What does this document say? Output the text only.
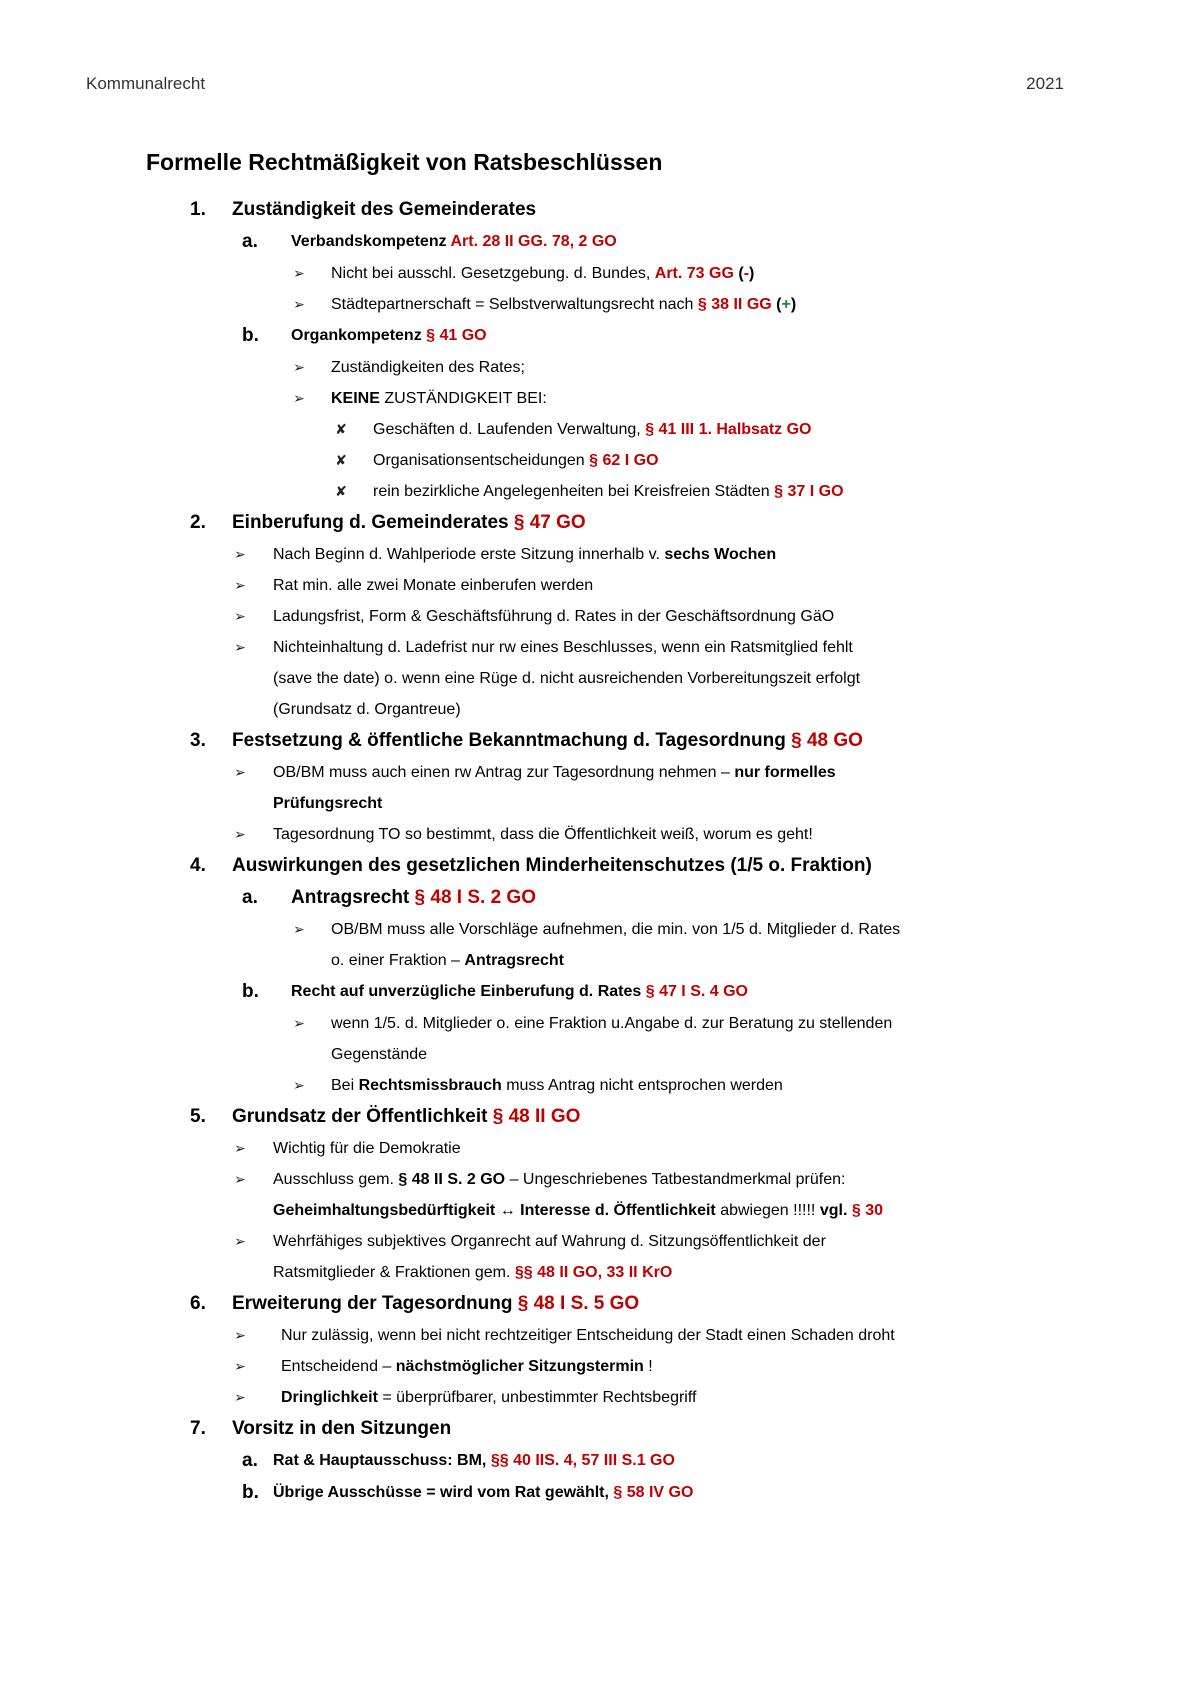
Kommunalrecht	2021
Formelle Rechtmäßigkeit von Ratsbeschlüssen
1. Zuständigkeit des Gemeinderates
a. Verbandskompetenz Art. 28 II GG. 78, 2 GO
➢ Nicht bei ausschl. Gesetzgebung. d. Bundes, Art. 73 GG (-)
➢ Städtepartnerschaft = Selbstverwaltungsrecht nach § 38 II GG (+)
b. Organkompetenz § 41 GO
➢ Zuständigkeiten des Rates;
➢ KEINE ZUSTÄNDIGKEIT BEI:
✘ Geschäften d. Laufenden Verwaltung, § 41 III 1. Halbsatz GO
✘ Organisationsentscheidungen § 62 I GO
✘ rein bezirkliche Angelegenheiten bei Kreisfreien Städten § 37 I GO
2. Einberufung d. Gemeinderates § 47 GO
➢ Nach Beginn d. Wahlperiode erste Sitzung innerhalb v. sechs Wochen
➢ Rat min. alle zwei Monate einberufen werden
➢ Ladungsfrist, Form & Geschäftsführung d. Rates in der Geschäftsordnung GäO
➢ Nichteinhaltung d. Ladefrist nur rw eines Beschlusses, wenn ein Ratsmitglied fehlt
(save the date) o. wenn eine Rüge d. nicht ausreichenden Vorbereitungszeit erfolgt
(Grundsatz d. Organtreue)
3. Festsetzung & öffentliche Bekanntmachung d. Tagesordnung § 48 GO
➢ OB/BM muss auch einen rw Antrag zur Tagesordnung nehmen – nur formelles
Prüfungsrecht
➢ Tagesordnung TO so bestimmt, dass die Öffentlichkeit weiß, worum es geht!
4. Auswirkungen des gesetzlichen Minderheitenschutzes (1/5 o. Fraktion)
a. Antragsrecht § 48 I S. 2 GO
➢ OB/BM muss alle Vorschläge aufnehmen, die min. von 1/5 d. Mitglieder d. Rates
o. einer Fraktion – Antragsrecht
b. Recht auf unverzügliche Einberufung d. Rates § 47 I S. 4 GO
➢ wenn 1/5. d. Mitglieder o. eine Fraktion u.Angabe d. zur Beratung zu stellenden
Gegenstände
➢ Bei Rechtsmissbrauch muss Antrag nicht entsprochen werden
5. Grundsatz der Öffentlichkeit § 48 II GO
➢ Wichtig für die Demokratie
➢ Ausschluss gem. § 48 II S. 2 GO – Ungeschriebenes Tatbestandmerkmal prüfen:
Geheimhaltungsbedürftigkeit ↔ Interesse d. Öffentlichkeit abwiegen !!!!! vgl. § 30
➢ Wehrfähiges subjektives Organrecht auf Wahrung d. Sitzungsöffentlichkeit der
Ratsmitglieder & Fraktionen gem. §§ 48 II GO, 33 II KrO
6. Erweiterung der Tagesordnung § 48 I S. 5 GO
➢ Nur zulässig, wenn bei nicht rechtzeitiger Entscheidung der Stadt einen Schaden droht
➢ Entscheidend – nächstmöglicher Sitzungstermin !
➢ Dringlichkeit = überprüfbarer, unbestimmter Rechtsbegriff
7. Vorsitz in den Sitzungen
a. Rat & Hauptausschuss: BM, §§ 40 IIS. 4, 57 III S.1 GO
b. Übrige Ausschüsse = wird vom Rat gewählt, § 58 IV GO
